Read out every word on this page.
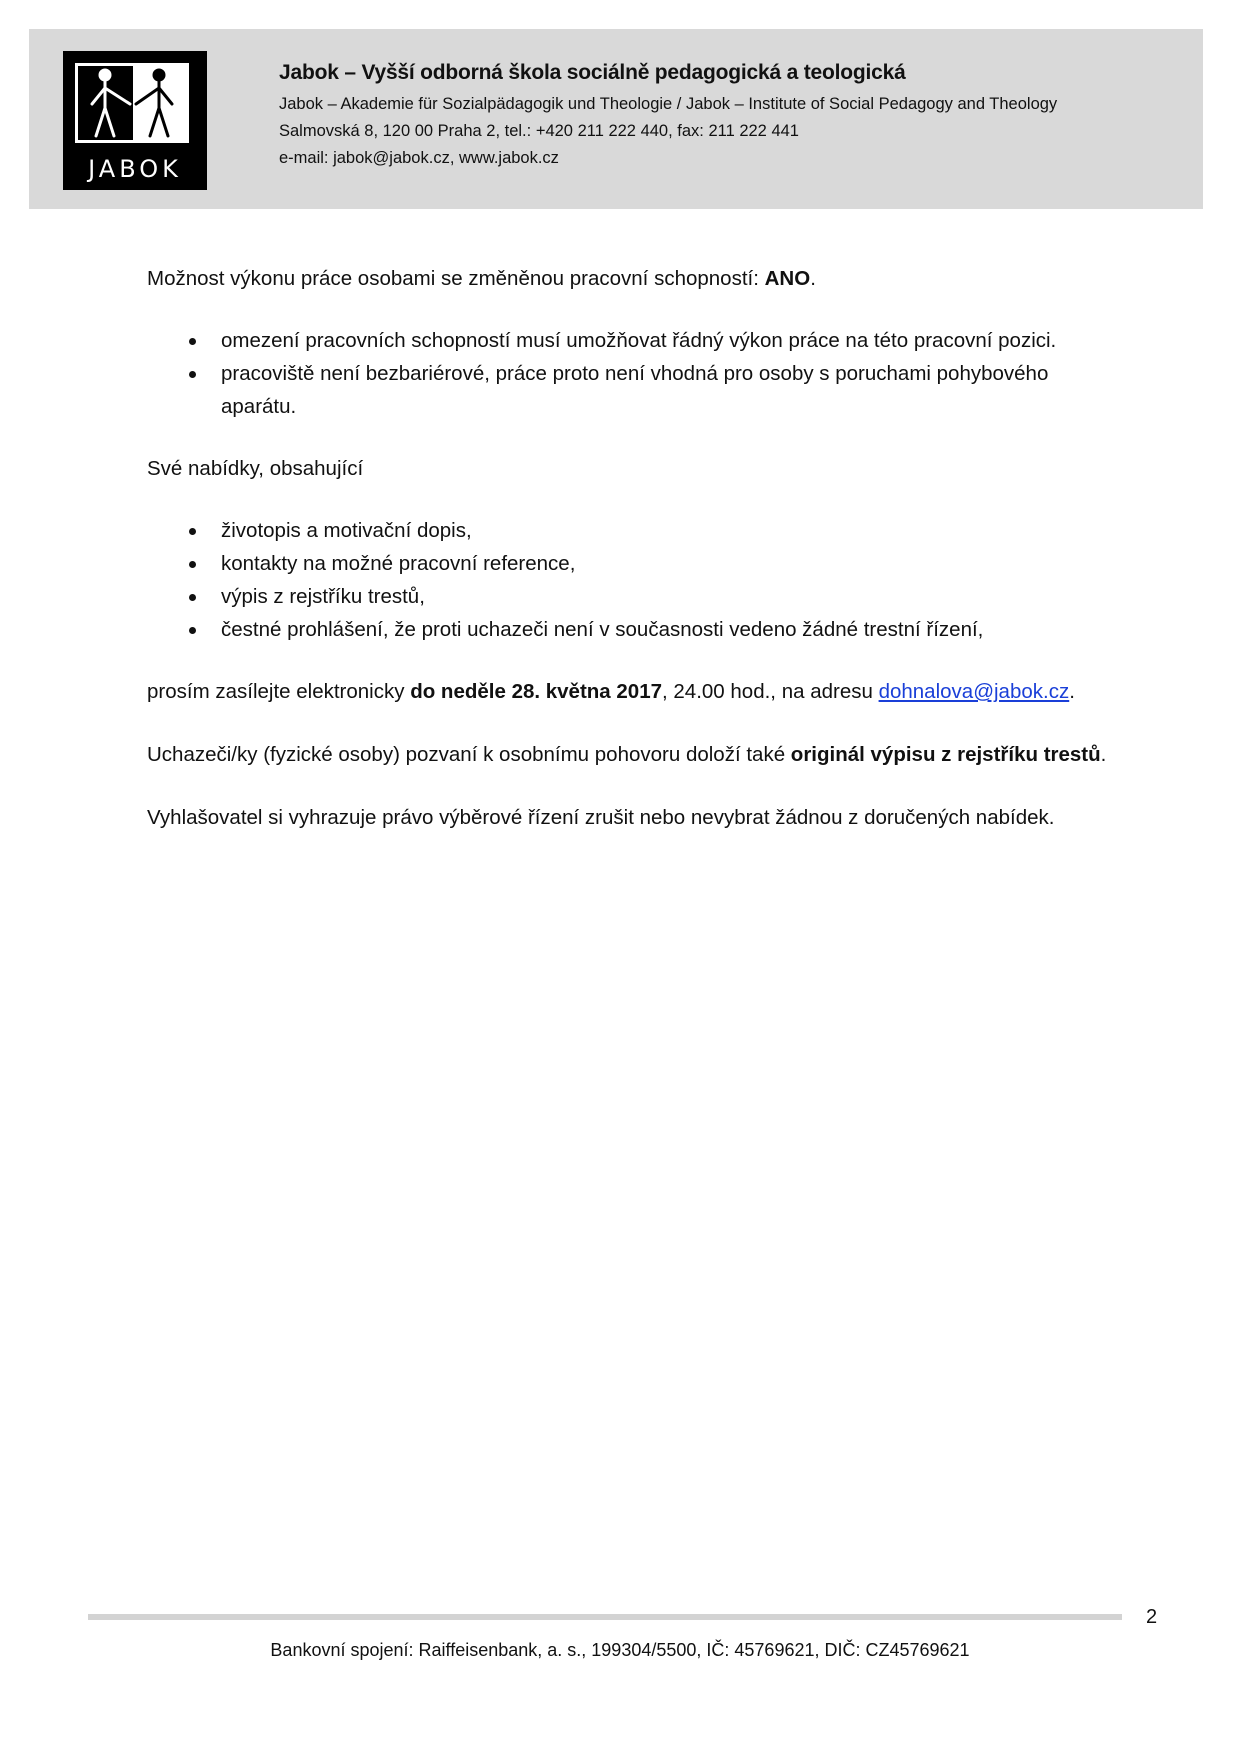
JABOK
Jabok – Vyšší odborná škola sociálně pedagogická a teologická
Jabok – Akademie für Sozialpädagogik und Theologie / Jabok – Institute of Social Pedagogy and Theology
Salmovská 8, 120 00 Praha 2, tel.: +420 211 222 440, fax: 211 222 441
e-mail: jabok@jabok.cz, www.jabok.cz

Možnost výkonu práce osobami se změněnou pracovní schopností: ANO.

omezení pracovních schopností musí umožňovat řádný výkon práce na této pracovní pozici.
pracoviště není bezbariérové, práce proto není vhodná pro osoby s poruchami pohybového
aparátu.

Své nabídky, obsahující

životopis a motivační dopis,
kontakty na možné pracovní reference,
výpis z rejstříku trestů,
čestné prohlášení, že proti uchazeči není v současnosti vedeno žádné trestní řízení,

prosím zasílejte elektronicky do neděle 28. května 2017, 24.00 hod., na adresu dohnalova@jabok.cz.

Uchazeči/ky (fyzické osoby) pozvaní k osobnímu pohovoru doloží také originál výpisu z rejstříku trestů.

Vyhlašovatel si vyhrazuje právo výběrové řízení zrušit nebo nevybrat žádnou z doručených nabídek.

2
Bankovní spojení: Raiffeisenbank, a. s., 199304/5500, IČ: 45769621, DIČ: CZ45769621
